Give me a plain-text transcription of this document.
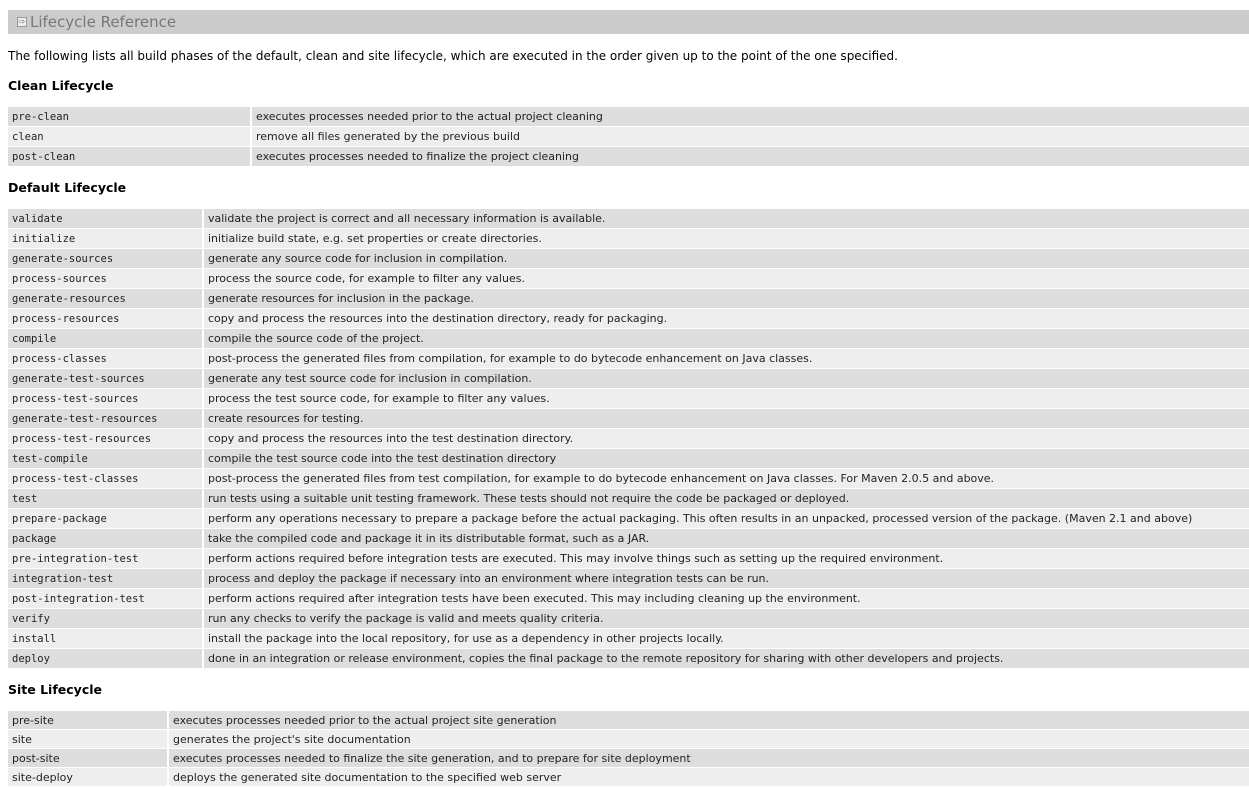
⇨ Lifecycle Reference
The following lists all build phases of the default, clean and site lifecycle, which are executed in the order given up to the point of the one specified.
Clean Lifecycle
pre-clean	executes processes needed prior to the actual project cleaning
clean	remove all files generated by the previous build
post-clean	executes processes needed to finalize the project cleaning
Default Lifecycle
validate	validate the project is correct and all necessary information is available.
initialize	initialize build state, e.g. set properties or create directories.
generate-sources	generate any source code for inclusion in compilation.
process-sources	process the source code, for example to filter any values.
generate-resources	generate resources for inclusion in the package.
process-resources	copy and process the resources into the destination directory, ready for packaging.
compile	compile the source code of the project.
process-classes	post-process the generated files from compilation, for example to do bytecode enhancement on Java classes.
generate-test-sources	generate any test source code for inclusion in compilation.
process-test-sources	process the test source code, for example to filter any values.
generate-test-resources	create resources for testing.
process-test-resources	copy and process the resources into the test destination directory.
test-compile	compile the test source code into the test destination directory
process-test-classes	post-process the generated files from test compilation, for example to do bytecode enhancement on Java classes. For Maven 2.0.5 and above.
test	run tests using a suitable unit testing framework. These tests should not require the code be packaged or deployed.
prepare-package	perform any operations necessary to prepare a package before the actual packaging. This often results in an unpacked, processed version of the package. (Maven 2.1 and above)
package	take the compiled code and package it in its distributable format, such as a JAR.
pre-integration-test	perform actions required before integration tests are executed. This may involve things such as setting up the required environment.
integration-test	process and deploy the package if necessary into an environment where integration tests can be run.
post-integration-test	perform actions required after integration tests have been executed. This may including cleaning up the environment.
verify	run any checks to verify the package is valid and meets quality criteria.
install	install the package into the local repository, for use as a dependency in other projects locally.
deploy	done in an integration or release environment, copies the final package to the remote repository for sharing with other developers and projects.
Site Lifecycle
pre-site	executes processes needed prior to the actual project site generation
site	generates the project's site documentation
post-site	executes processes needed to finalize the site generation, and to prepare for site deployment
site-deploy	deploys the generated site documentation to the specified web server
